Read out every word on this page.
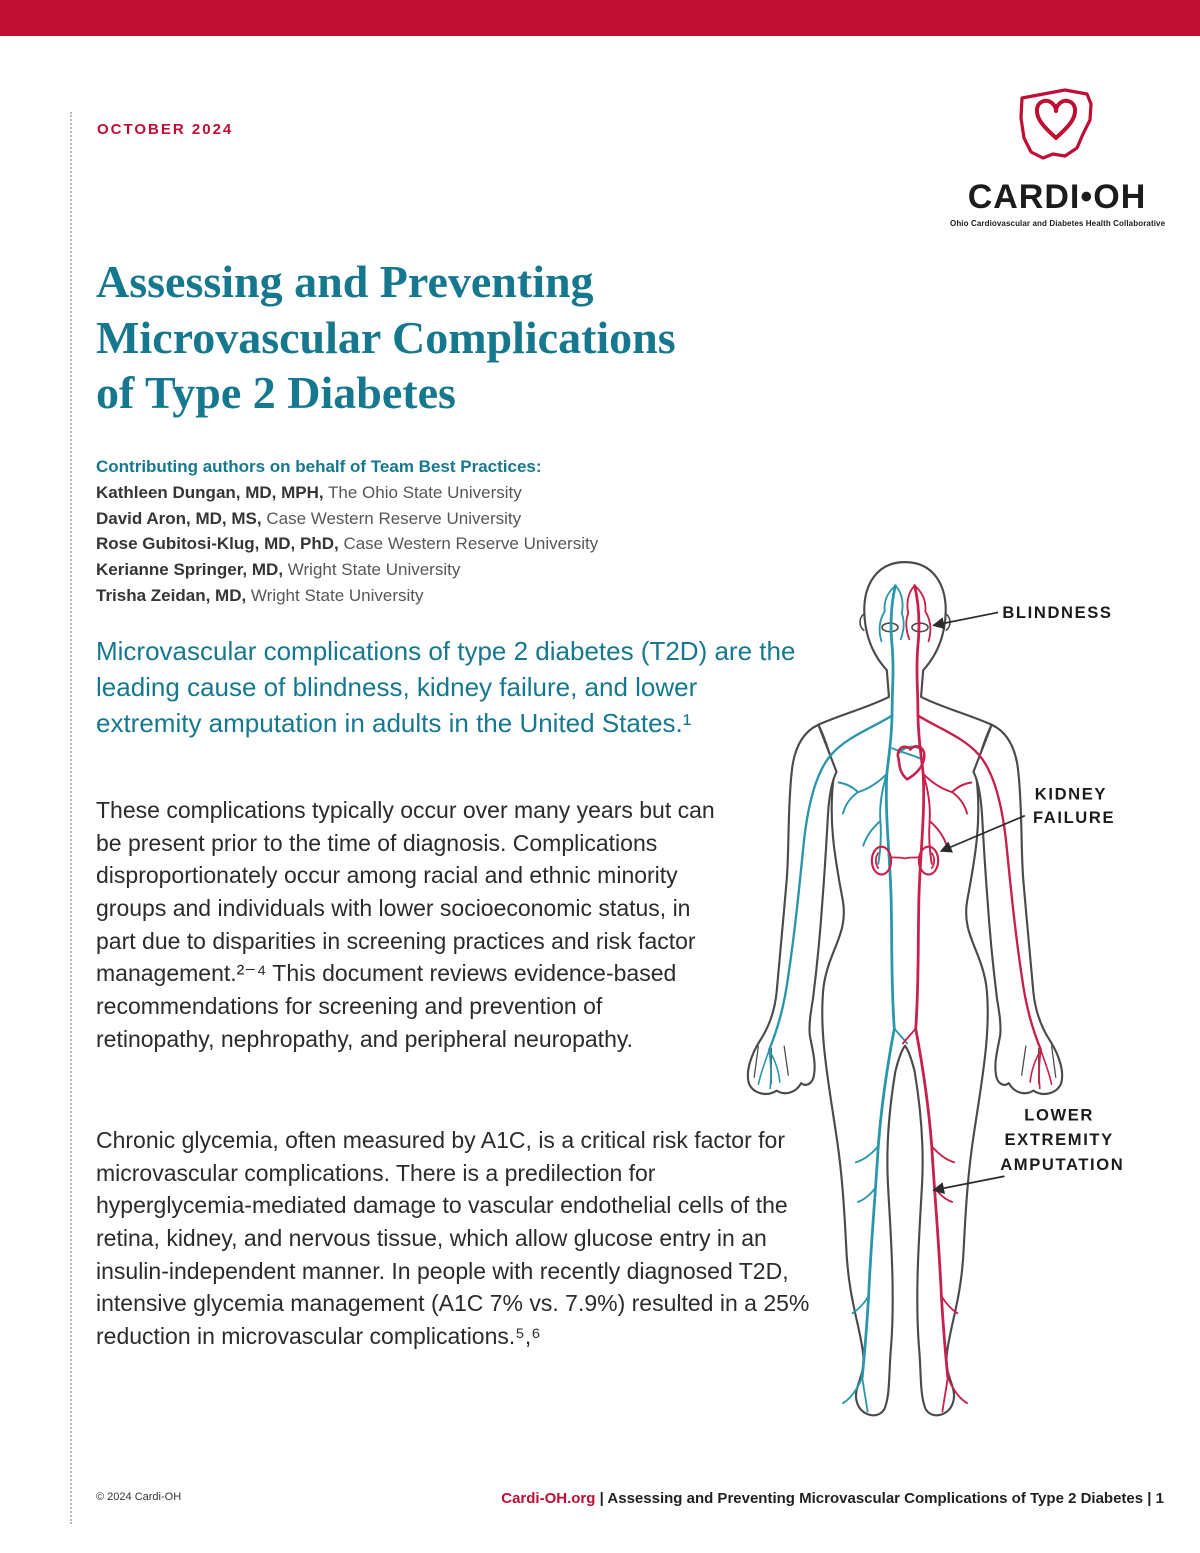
OCTOBER 2024
CARDI•OH
Ohio Cardiovascular and Diabetes Health Collaborative
Assessing and Preventing
Microvascular Complications
of Type 2 Diabetes
Contributing authors on behalf of Team Best Practices:
Kathleen Dungan, MD, MPH, The Ohio State University
David Aron, MD, MS, Case Western Reserve University
Rose Gubitosi-Klug, MD, PhD, Case Western Reserve University
Kerianne Springer, MD, Wright State University
Trisha Zeidan, MD, Wright State University
Microvascular complications of type 2 diabetes (T2D) are the leading cause of blindness, kidney failure, and lower extremity amputation in adults in the United States.¹
These complications typically occur over many years but can be present prior to the time of diagnosis. Complications disproportionately occur among racial and ethnic minority groups and individuals with lower socioeconomic status, in part due to disparities in screening practices and risk factor management.²⁻⁴ This document reviews evidence-based recommendations for screening and prevention of retinopathy, nephropathy, and peripheral neuropathy.
Chronic glycemia, often measured by A1C, is a critical risk factor for microvascular complications. There is a predilection for hyperglycemia-mediated damage to vascular endothelial cells of the retina, kidney, and nervous tissue, which allow glucose entry in an insulin-independent manner. In people with recently diagnosed T2D, intensive glycemia management (A1C 7% vs. 7.9%) resulted in a 25% reduction in microvascular complications.⁵,⁶
BLINDNESS
KIDNEY FAILURE
LOWER EXTREMITY AMPUTATION
© 2024 Cardi-OH	Cardi-OH.org | Assessing and Preventing Microvascular Complications of Type 2 Diabetes | 1
